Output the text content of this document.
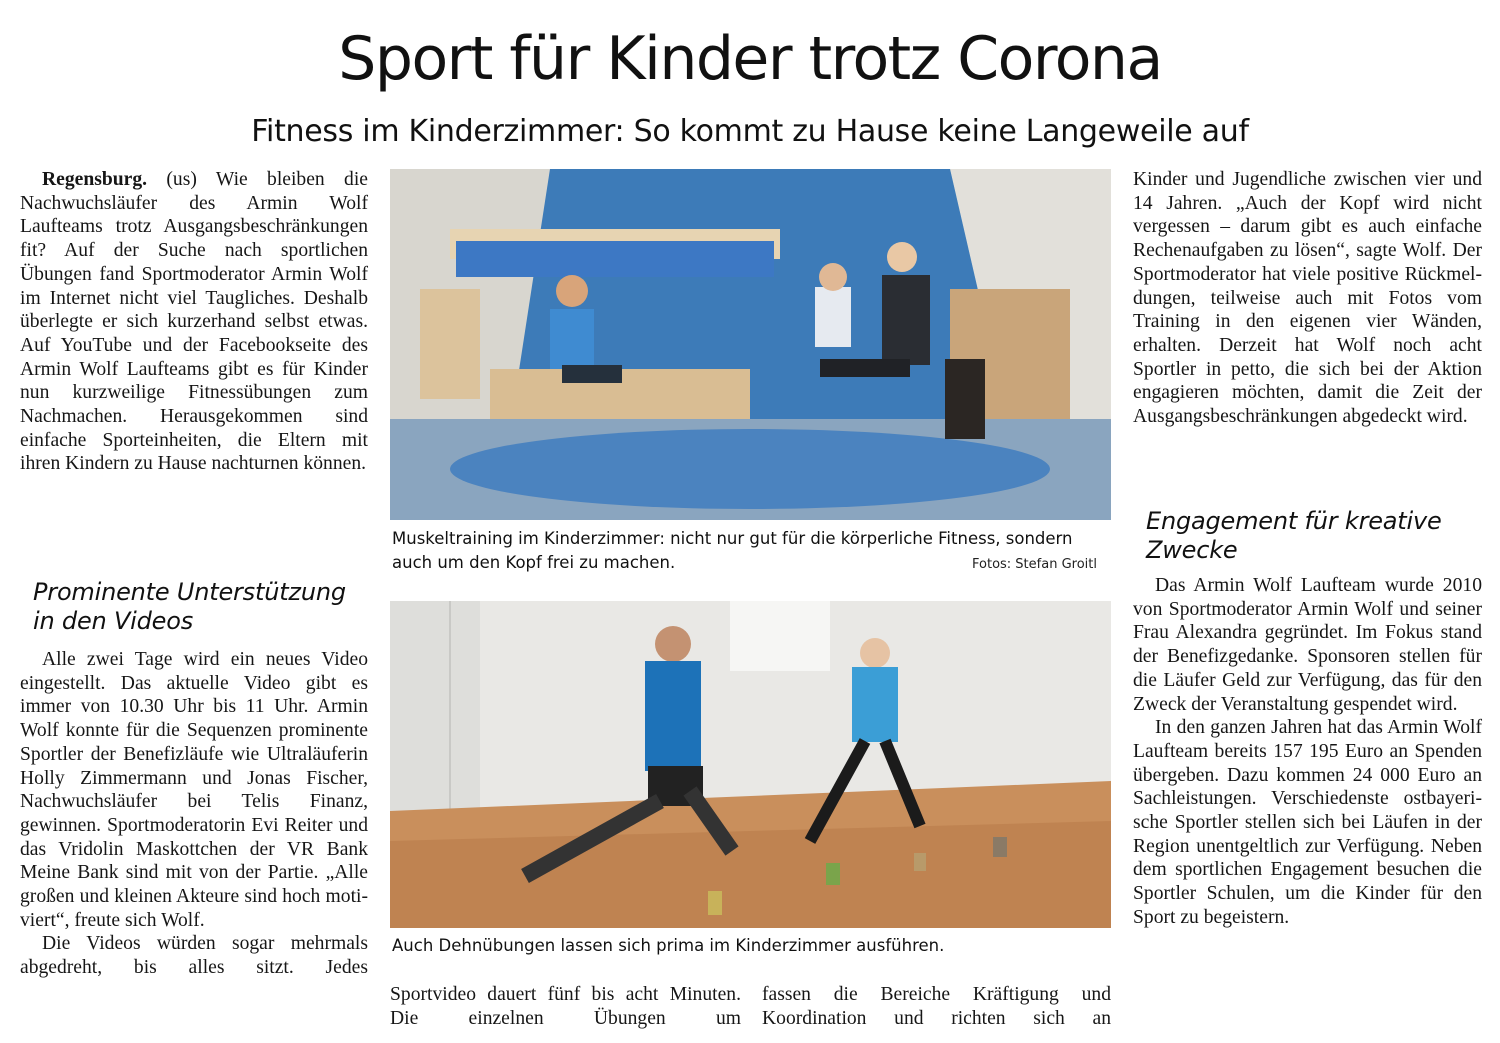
Sport für Kinder trotz Corona
Fitness im Kinderzimmer: So kommt zu Hause keine Langeweile auf

Regensburg. (us) Wie bleiben die Nachwuchsläufer des Armin Wolf Laufteams trotz Ausgangsbeschränkungen fit? Auf der Suche nach sportlichen Übungen fand Sportmoderator Armin Wolf im Internet nicht viel Taugliches. Deshalb überlegte er sich kurzerhand selbst etwas. Auf YouTube und der Facebookseite des Armin Wolf Laufteams gibt es für Kinder nun kurzweilige Fitnessübungen zum Nachmachen. Herausgekommen sind einfache Sporteinheiten, die Eltern mit ihren Kindern zu Hause nachturnen können.

Prominente Unterstützung in den Videos

Alle zwei Tage wird ein neues Video eingestellt. Das aktuelle Video gibt es immer von 10.30 Uhr bis 11 Uhr. Armin Wolf konnte für die Sequenzen prominente Sportler der Benefizläufe wie Ultraläuferin Holly Zimmermann und Jonas Fischer, Nachwuchsläufer bei Telis Finanz, gewinnen. Sportmoderatorin Evi Reiter und das Vridolin Maskottchen der VR Bank Meine Bank sind mit von der Partie. „Alle großen und kleinen Akteure sind hoch motiviert“, freute sich Wolf.

Die Videos würden sogar mehrmals abgedreht, bis alles sitzt. Jedes

Muskeltraining im Kinderzimmer: nicht nur gut für die körperliche Fitness, sondern auch um den Kopf frei zu machen.	Fotos: Stefan Groitl
Auch Dehnübungen lassen sich prima im Kinderzimmer ausführen.

Sportvideo dauert fünf bis acht Minuten. Die einzelnen Übungen um

fassen die Bereiche Kräftigung und Koordination und richten sich an

Kinder und Jugendliche zwischen vier und 14 Jahren. „Auch der Kopf wird nicht vergessen – darum gibt es auch einfache Rechenaufgaben zu lösen“, sagte Wolf. Der Sportmoderator hat viele positive Rückmeldungen, teilweise auch mit Fotos vom Training in den eigenen vier Wänden, erhalten. Derzeit hat Wolf noch acht Sportler in petto, die sich bei der Aktion engagieren möchten, damit die Zeit der Ausgangsbeschränkungen abgedeckt wird.

Engagement für kreative Zwecke

Das Armin Wolf Laufteam wurde 2010 von Sportmoderator Armin Wolf und seiner Frau Alexandra gegründet. Im Fokus stand der Benefizgedanke. Sponsoren stellen für die Läufer Geld zur Verfügung, das für den Zweck der Veranstaltung gespendet wird.

In den ganzen Jahren hat das Armin Wolf Laufteam bereits 157 195 Euro an Spenden übergeben. Dazu kommen 24 000 Euro an Sachleistungen. Verschiedenste ostbayerische Sportler stellen sich bei Läufen in der Region unentgeltlich zur Verfügung. Neben dem sportlichen Engagement besuchen die Sportler Schulen, um die Kinder für den Sport zu begeistern.
